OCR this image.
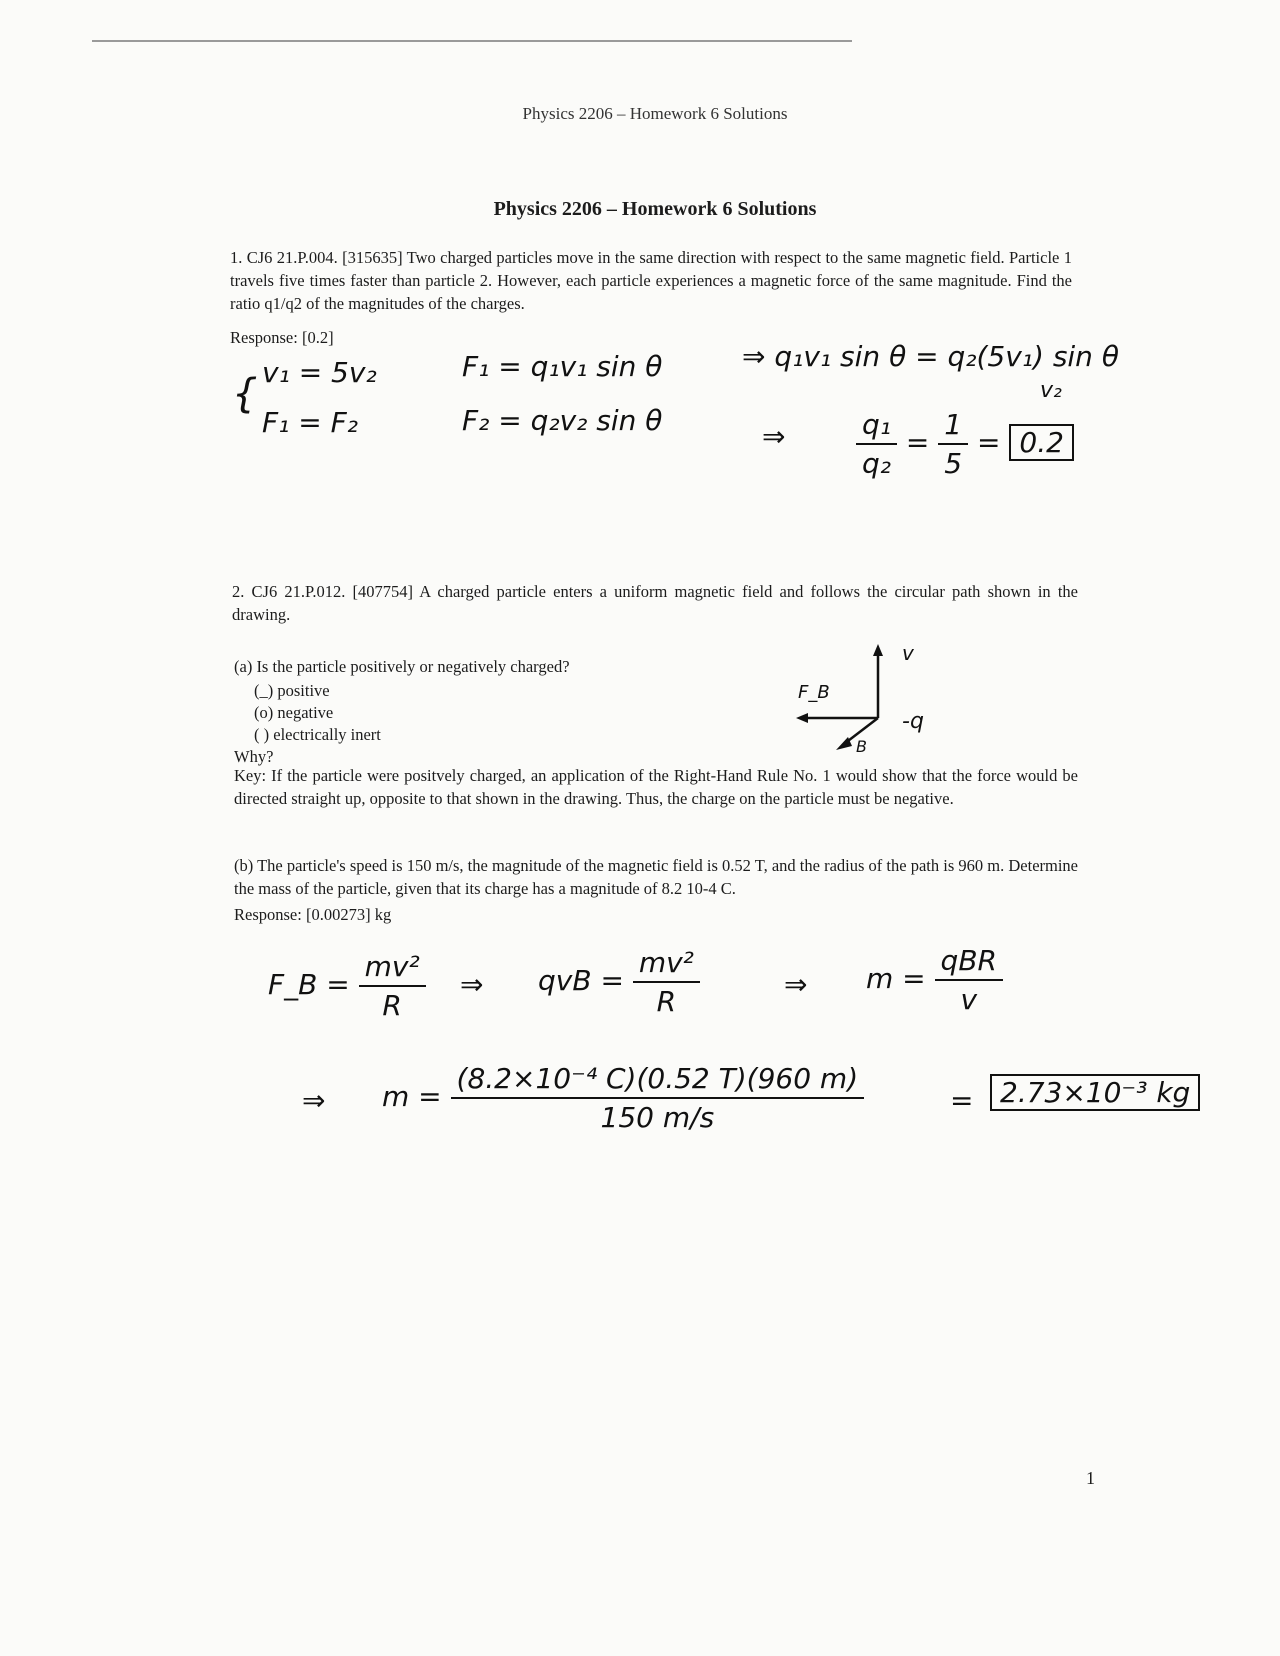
Physics 2206 – Homework 6 Solutions
Physics 2206 – Homework 6 Solutions
1. CJ6 21.P.004. [315635] Two charged particles move in the same direction with respect to the same magnetic field. Particle 1 travels five times faster than particle 2. However, each particle experiences a magnetic force of the same magnitude. Find the ratio q1/q2 of the magnitudes of the charges.
Response: [0.2]
{ v₁ = 5v₂
F₁ = F₂
F₁ = q₁v₁ sin θ
F₂ = q₂v₂ sin θ
⇒ q₁v₁ sin θ = q₂(5v₁) sin θ
v₂
⇒	$\frac{\text{q₁}}{\text{q₂}} = \frac{1}{5} = 0.2$
2. CJ6 21.P.012. [407754] A charged particle enters a uniform magnetic field and follows the circular path shown in the drawing.
(a) Is the particle positively or negatively charged?
(_) positive
(o) negative
( ) electrically inert
Why?
Key: If the particle were positvely charged, an application of the Right-Hand Rule No. 1 would show that the force would be directed straight up, opposite to that shown in the drawing. Thus, the charge on the particle must be negative.
F_B
v
B
-q
(b) The particle's speed is 150 m/s, the magnitude of the magnetic field is 0.52 T, and the radius of the path is 960 m. Determine the mass of the particle, given that its charge has a magnitude of 8.2 10-4 C.
Response: [0.00273] kg
F_B = $\frac{\text{mv²}}{R}$ ⇒ qvB = $\frac{\text{mv²}}{R}$	⇒ $m = \frac{\text{qBR}}{v}$
⇒ $m = \frac{\text{(8.2×10⁻⁴ C)(0.52 T)(960 m)}}{150 m/s}$	= 2.73×10⁻³ kg
1
